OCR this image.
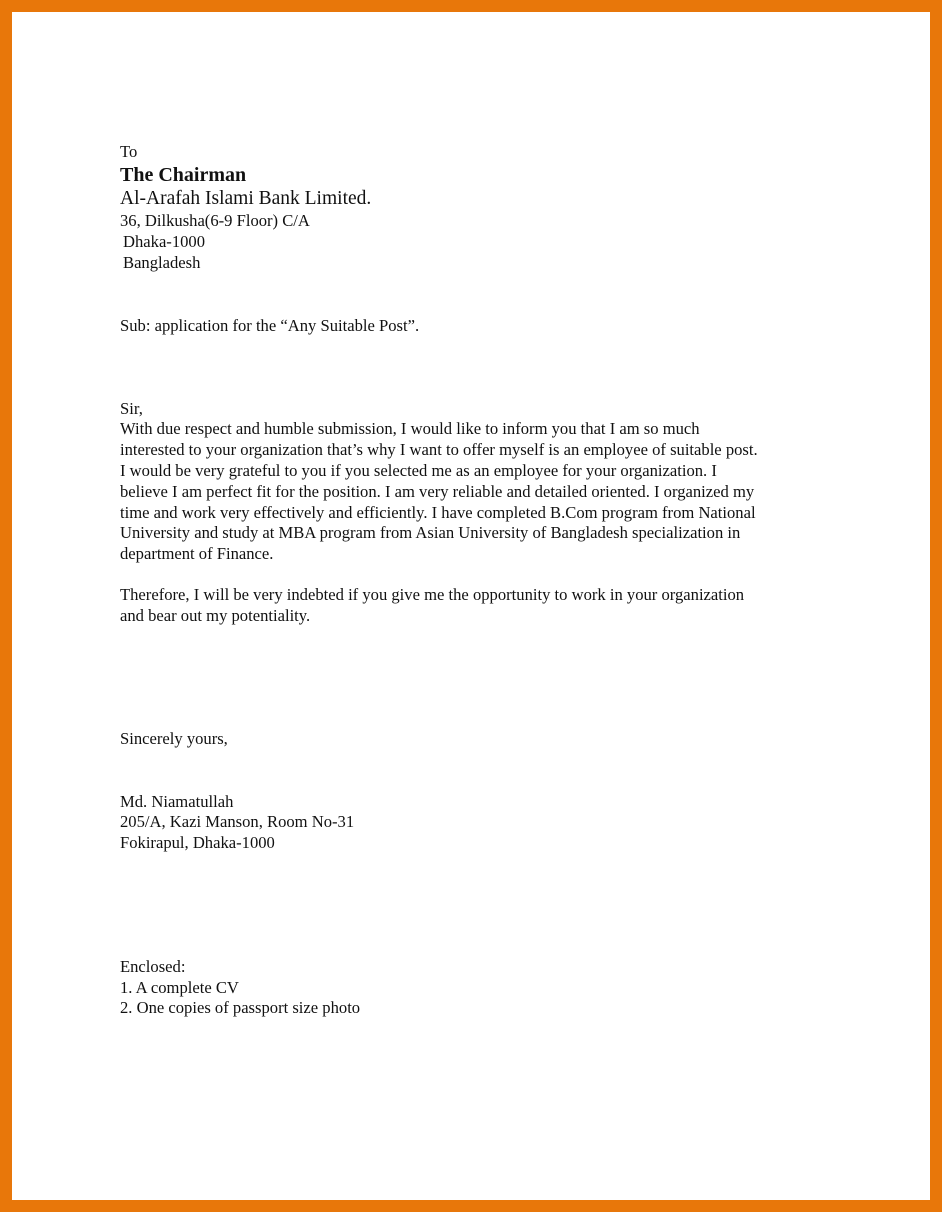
To
The Chairman
Al-Arafah Islami Bank Limited.
36, Dilkusha(6-9 Floor) C/A
Dhaka-1000
Bangladesh
Sub: application for the “Any Suitable Post”.
Sir,
With due respect and humble submission, I would like to inform you that I am so much
interested to your organization that’s why I want to offer myself is an employee of suitable post.
I would be very grateful to you if you selected me as an employee for your organization. I
believe I am perfect fit for the position. I am very reliable and detailed oriented. I organized my
time and work very effectively and efficiently. I have completed B.Com program from National
University and study at MBA program from Asian University of Bangladesh specialization in
department of Finance.
Therefore, I will be very indebted if you give me the opportunity to work in your organization
and bear out my potentiality.
Sincerely yours,
Md. Niamatullah
205/A, Kazi Manson, Room No-31
Fokirapul, Dhaka-1000
Enclosed:
1. A complete CV
2. One copies of passport size photo
